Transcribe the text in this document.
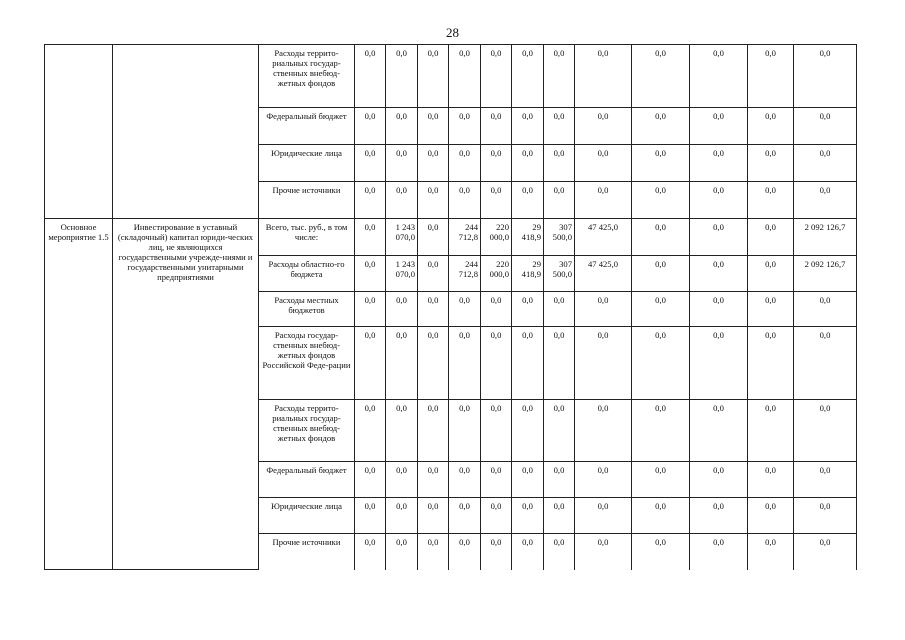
28
		Расходы террито-риальных государ-ственных внебюд-жетных фондов	0,0	0,0	0,0	0,0	0,0	0,0	0,0	0,0	0,0	0,0	0,0	0,0
		Федеральный бюджет	0,0	0,0	0,0	0,0	0,0	0,0	0,0	0,0	0,0	0,0	0,0	0,0
		Юридические лица	0,0	0,0	0,0	0,0	0,0	0,0	0,0	0,0	0,0	0,0	0,0	0,0
		Прочие источники	0,0	0,0	0,0	0,0	0,0	0,0	0,0	0,0	0,0	0,0	0,0	0,0
Основное мероприятие 1.5	Инвестирование в уставный (складочный) капитал юриди-ческих лиц, не являющихся государственными учрежде-ниями и государственными унитарными предприятиями	Всего, тыс. руб., в том числе:	0,0	1 243 070,0	0,0	244 712,8	220 000,0	29 418,9	307 500,0	47 425,0	0,0	0,0	0,0	2 092 126,7
		Расходы областно-го бюджета	0,0	1 243 070,0	0,0	244 712,8	220 000,0	29 418,9	307 500,0	47 425,0	0,0	0,0	0,0	2 092 126,7
		Расходы местных бюджетов	0,0	0,0	0,0	0,0	0,0	0,0	0,0	0,0	0,0	0,0	0,0	0,0
		Расходы государ-ственных внебюд-жетных фондов Российской Феде-рации	0,0	0,0	0,0	0,0	0,0	0,0	0,0	0,0	0,0	0,0	0,0	0,0
		Расходы террито-риальных государ-ственных внебюд-жетных фондов	0,0	0,0	0,0	0,0	0,0	0,0	0,0	0,0	0,0	0,0	0,0	0,0
		Федеральный бюджет	0,0	0,0	0,0	0,0	0,0	0,0	0,0	0,0	0,0	0,0	0,0	0,0
		Юридические лица	0,0	0,0	0,0	0,0	0,0	0,0	0,0	0,0	0,0	0,0	0,0	0,0
		Прочие источники	0,0	0,0	0,0	0,0	0,0	0,0	0,0	0,0	0,0	0,0	0,0	0,0
